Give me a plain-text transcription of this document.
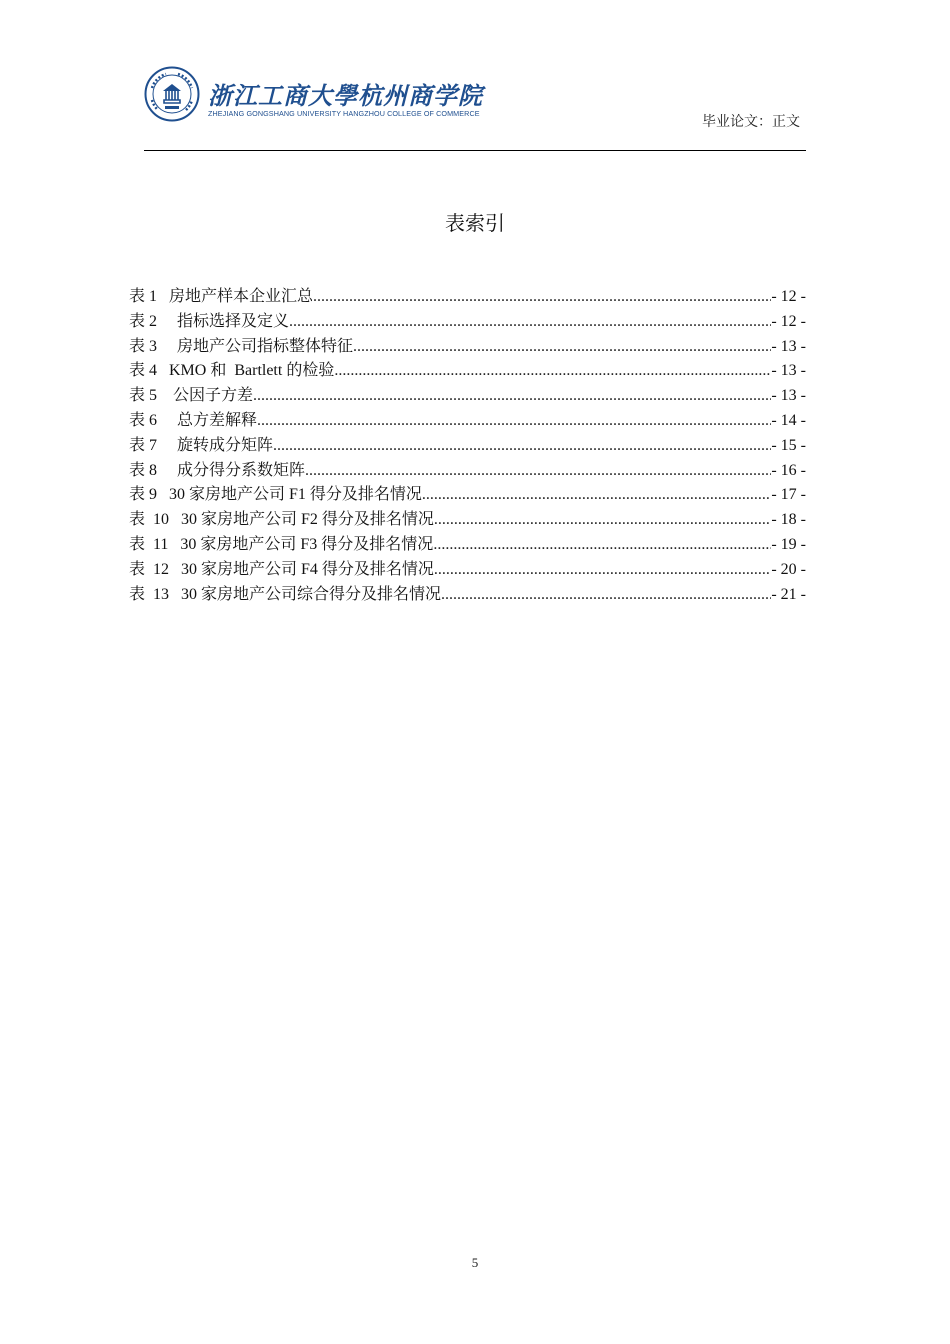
浙江工商大學杭州商学院
ZHEJIANG GONGSHANG UNIVERSITY HANGZHOU COLLEGE OF COMMERCE
毕业论文：正文
表索引
表 1   房地产样本企业汇总 .....	- 12 -
表 2     指标选择及定义 .....	- 12 -
表 3     房地产公司指标整体特征 .....	- 13 -
表 4   KMO 和  Bartlett 的检验 .....	- 13 -
表 5    公因子方差 .....	- 13 -
表 6     总方差解释 .....	- 14 -
表 7     旋转成分矩阵 .....	- 15 -
表 8     成分得分系数矩阵 .....	- 16 -
表 9   30 家房地产公司 F1 得分及排名情况 .....	- 17 -
表  10   30 家房地产公司 F2 得分及排名情况 .....	- 18 -
表  11   30 家房地产公司 F3 得分及排名情况 .....	- 19 -
表  12   30 家房地产公司 F4 得分及排名情况 .....	- 20 -
表  13   30 家房地产公司综合得分及排名情况 .....	- 21 -
5
